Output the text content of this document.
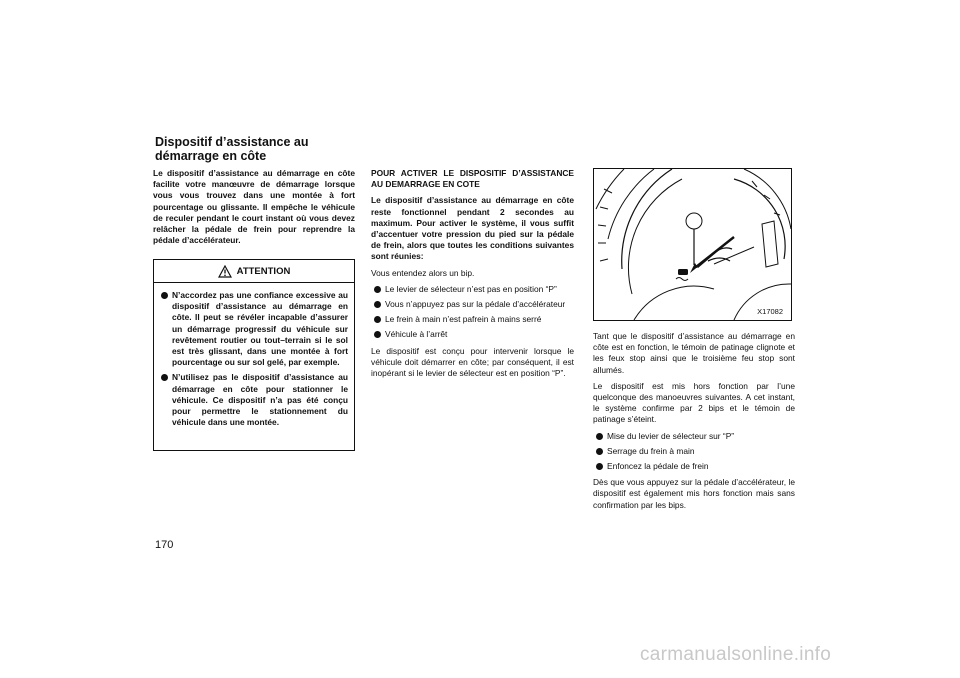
Dispositif d’assistance au démarrage en côte

Le dispositif d’assistance au démarrage en côte facilite votre manœuvre de démarrage lorsque vous vous trouvez dans une montée à fort pourcentage ou glissante. Il empêche le véhicule de reculer pendant le court instant où vous devez relâcher la pédale de frein pour reprendre la pédale d’accélérateur.

ATTENTION
N’accordez pas une confiance excessive au dispositif d’assistance au démarrage en côte. Il peut se révéler incapable d’assurer un démarrage progressif du véhicule sur revêtement routier ou tout–terrain si le sol est très glissant, dans une montée à fort pourcentage ou sur sol gelé, par exemple.
N’utilisez pas le dispositif d’assistance au démarrage en côte pour stationner le véhicule. Ce dispositif n’a pas été conçu pour permettre le stationnement du véhicule dans une montée.

POUR ACTIVER LE DISPOSITIF D’ASSISTANCE AU DEMARRAGE EN COTE

Le dispositif d’assistance au démarrage en côte reste fonctionnel pendant 2 secondes au maximum. Pour activer le système, il vous suffit d’accentuer votre pression du pied sur la pédale de frein, alors que toutes les conditions suivantes sont réunies:

Vous entendez alors un bip.

Le levier de sélecteur n’est pas en position “P”
Vous n’appuyez pas sur la pédale d’accélérateur
Le frein à main n’est pafrein à mains serré
Véhicule à l’arrêt

Le dispositif est conçu pour intervenir lorsque le véhicule doit démarrer en côte; par conséquent, il est inopérant si le levier de sélecteur est en position “P”.

X17082

Tant que le dispositif d’assistance au démarrage en côte est en fonction, le témoin de patinage clignote et les feux stop ainsi que le troisième feu stop sont allumés.

Le dispositif est mis hors fonction par l’une quelconque des manoeuvres suivantes. A cet instant, le système confirme par 2 bips et le témoin de patinage s’éteint.

Mise du levier de sélecteur sur “P”
Serrage du frein à main
Enfoncez la pédale de frein

Dès que vous appuyez sur la pédale d’accélérateur, le dispositif est également mis hors fonction mais sans confirmation par les bips.

170
carmanualsonline.info
